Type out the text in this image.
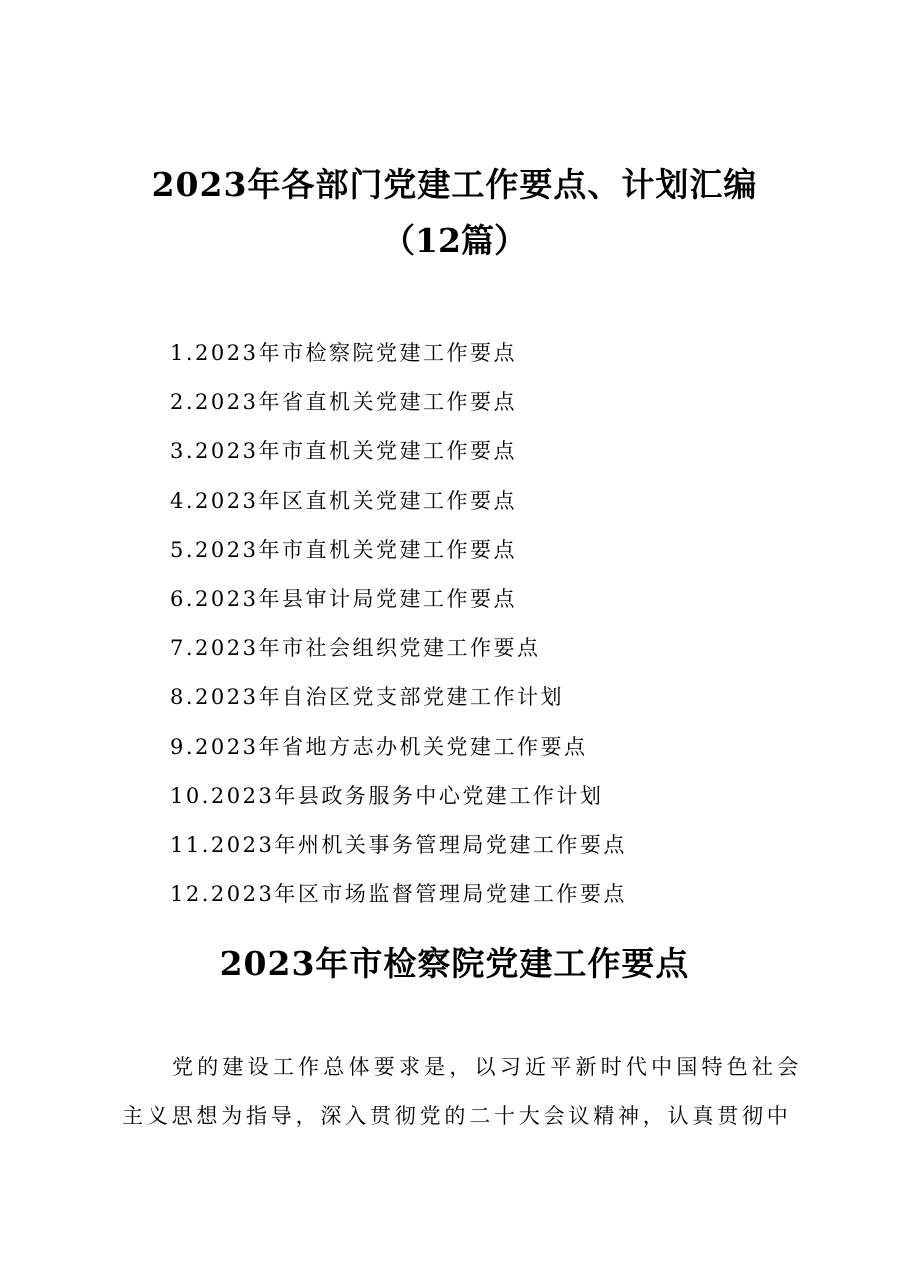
2023年各部门党建工作要点、计划汇编
（12篇）
1.2023年市检察院党建工作要点
2.2023年省直机关党建工作要点
3.2023年市直机关党建工作要点
4.2023年区直机关党建工作要点
5.2023年市直机关党建工作要点
6.2023年县审计局党建工作要点
7.2023年市社会组织党建工作要点
8.2023年自治区党支部党建工作计划
9.2023年省地方志办机关党建工作要点
10.2023年县政务服务中心党建工作计划
11.2023年州机关事务管理局党建工作要点
12.2023年区市场监督管理局党建工作要点
2023年市检察院党建工作要点

党的建设工作总体要求是，以习近平新时代中国特色社会主义思想为指导，深入贯彻党的二十大会议精神，认真贯彻中
